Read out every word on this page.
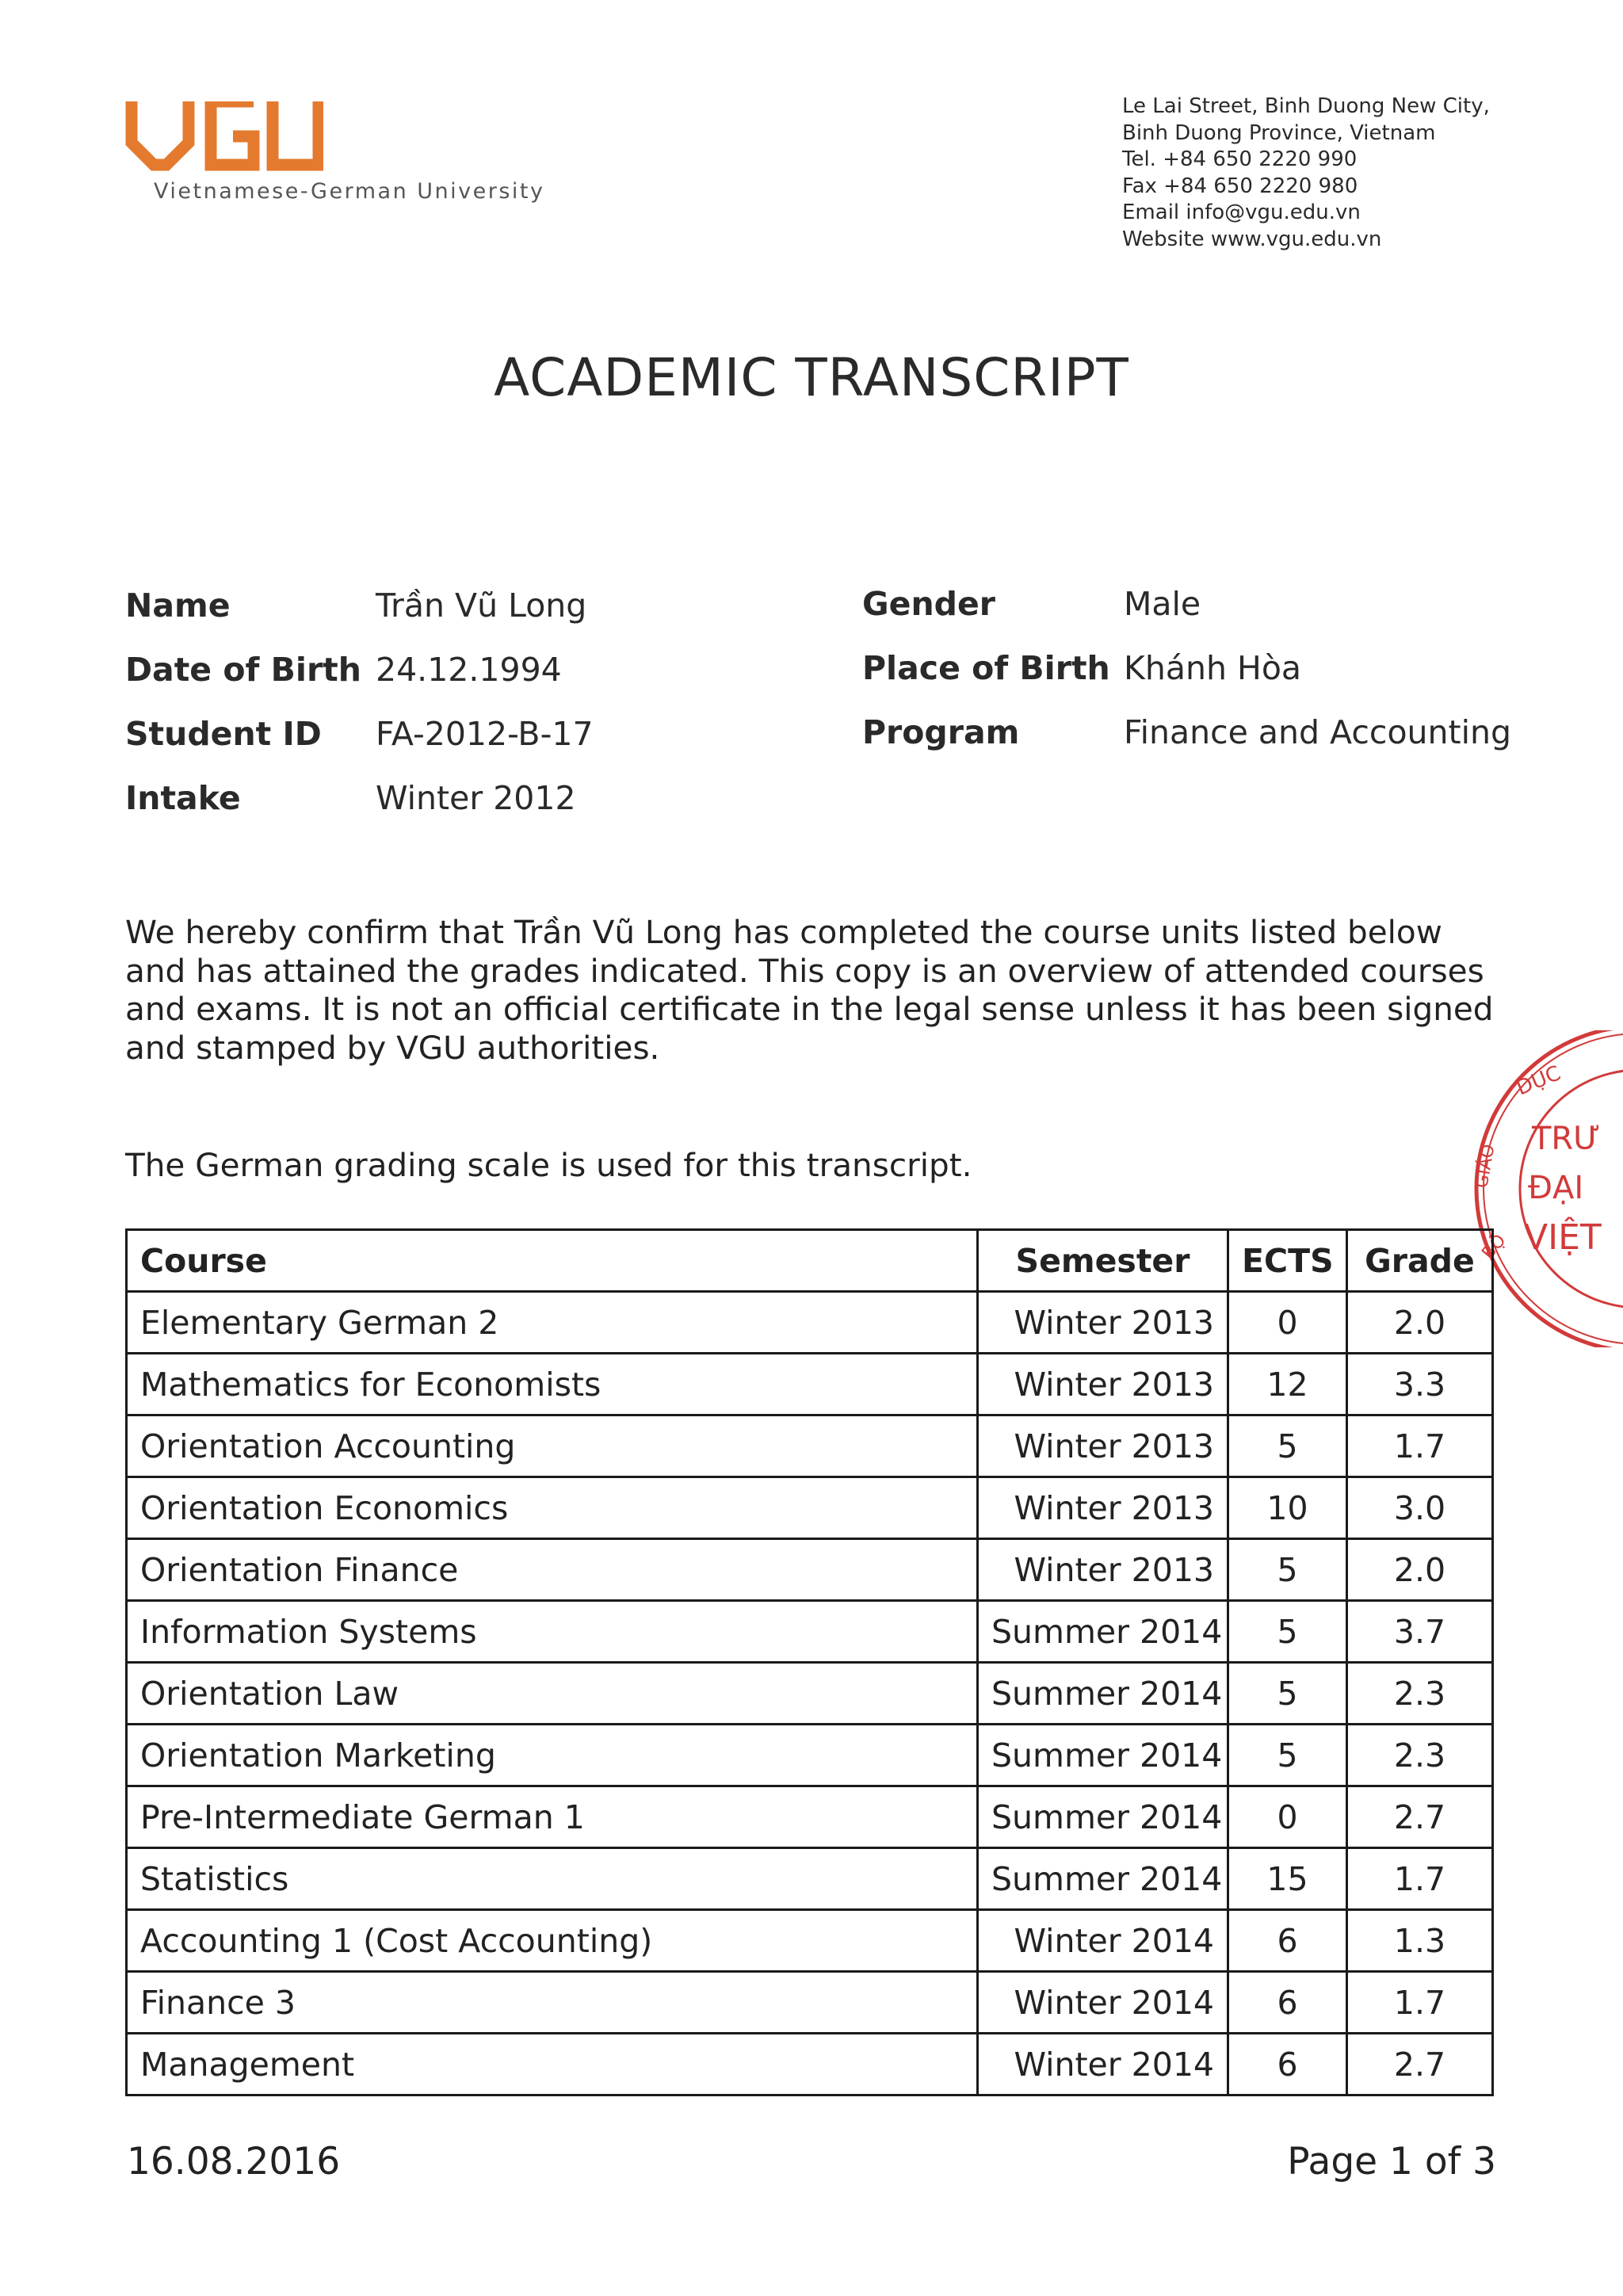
Vietnamese-German University
Le Lai Street, Binh Duong New City,
Binh Duong Province, Vietnam
Tel. +84 650 2220 990
Fax +84 650 2220 980
Email info@vgu.edu.vn
Website www.vgu.edu.vn
ACADEMIC TRANSCRIPT
Name	Trần Vũ Long
Date of Birth 24.12.1994
Student ID FA-2012-B-17
Intake	Winter 2012
Gender	Male
Place of Birth Khánh Hòa
Program	Finance and Accounting
We hereby confirm that Trần Vũ Long has completed the course units listed below and has attained the grades indicated. This copy is an overview of attended courses and exams. It is not an official certificate in the legal sense unless it has been signed and stamped by VGU authorities.
The German grading scale is used for this transcript.
DỤC
TRƯ
ĐẠI
VIỆT
GIÁO
BỘ
Course	Semester	ECTS	Grade
Elementary German 2	Winter 2013	0	2.0
Mathematics for Economists	Winter 2013	12	3.3
Orientation Accounting	Winter 2013	5	1.7
Orientation Economics	Winter 2013	10	3.0
Orientation Finance	Winter 2013	5	2.0
Information Systems	Summer 2014	5	3.7
Orientation Law	Summer 2014	5	2.3
Orientation Marketing	Summer 2014	5	2.3
Pre-Intermediate German 1	Summer 2014	0	2.7
Statistics	Summer 2014	15	1.7
Accounting 1 (Cost Accounting)	Winter 2014	6	1.3
Finance 3	Winter 2014	6	1.7
Management	Winter 2014	6	2.7
16.08.2016	Page 1 of 3
